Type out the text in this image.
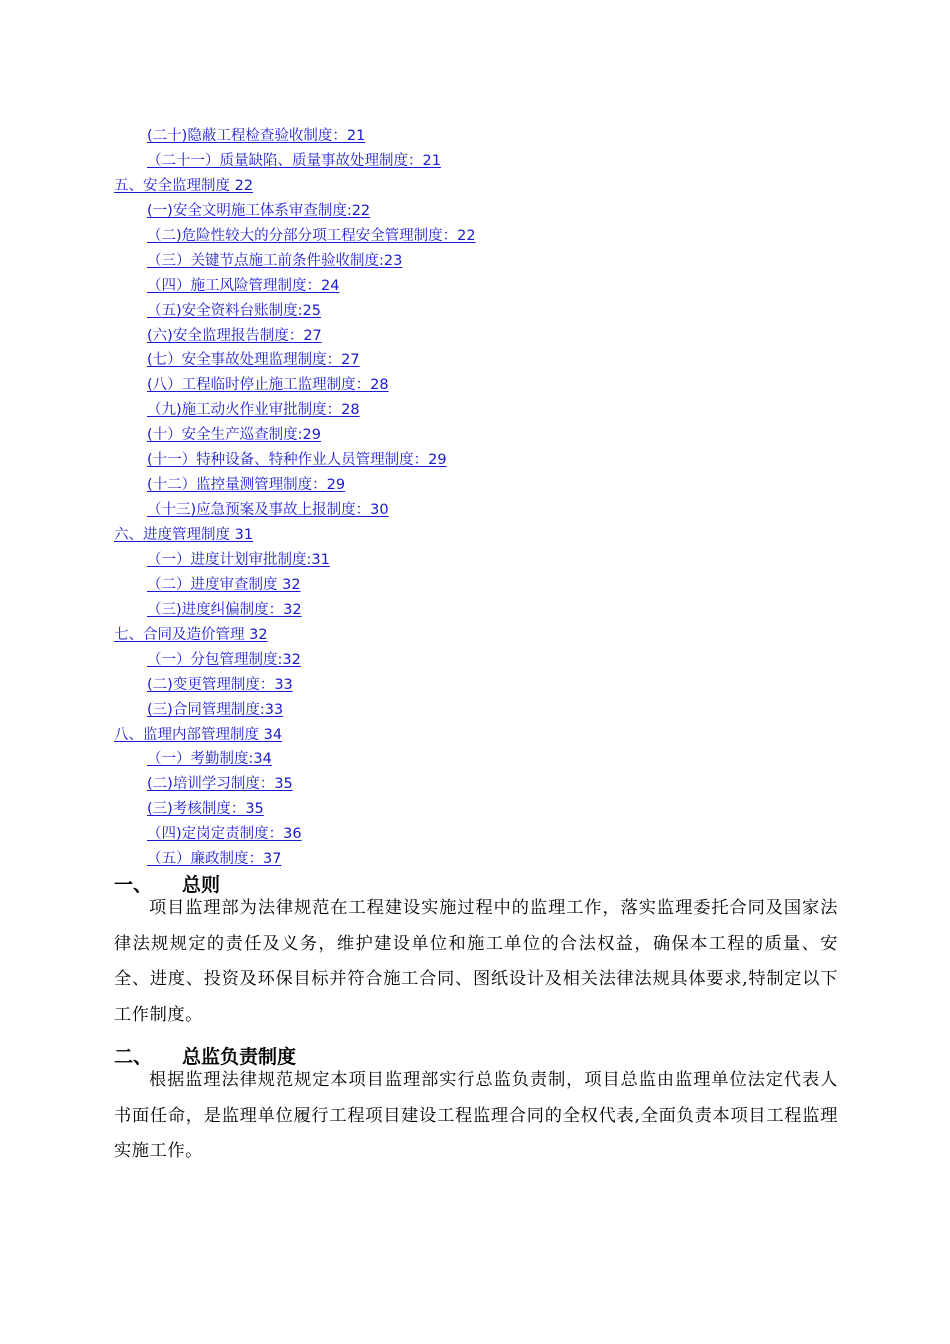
(二十)隐蔽工程检查验收制度：21
（二十一）质量缺陷、质量事故处理制度：21
五、安全监理制度 22
(一)安全文明施工体系审查制度:22
（二)危险性较大的分部分项工程安全管理制度：22
（三）关键节点施工前条件验收制度:23
（四）施工风险管理制度：24
（五)安全资料台账制度:25
(六)安全监理报告制度：27
(七）安全事故处理监理制度：27
(八）工程临时停止施工监理制度：28
（九)施工动火作业审批制度：28
(十）安全生产巡查制度:29
(十一）特种设备、特种作业人员管理制度：29
(十二）监控量测管理制度：29
（十三)应急预案及事故上报制度：30
六、进度管理制度 31
（一）进度计划审批制度:31
（二）进度审查制度 32
（三)进度纠偏制度：32
七、合同及造价管理 32
（一）分包管理制度:32
(二)变更管理制度：33
(三)合同管理制度:33
八、监理内部管理制度 34
（一）考勤制度:34
(二)培训学习制度：35
(三)考核制度：35
（四)定岗定责制度：36
（五）廉政制度：37
一、 总则

项目监理部为法律规范在工程建设实施过程中的监理工作，落实监理委托合同及国家法律法规规定的责任及义务，维护建设单位和施工单位的合法权益，确保本工程的质量、安全、进度、投资及环保目标并符合施工合同、图纸设计及相关法律法规具体要求,特制定以下工作制度。

二、 总监负责制度

根据监理法律规范规定本项目监理部实行总监负责制，项目总监由监理单位法定代表人书面任命，是监理单位履行工程项目建设工程监理合同的全权代表,全面负责本项目工程监理实施工作。
